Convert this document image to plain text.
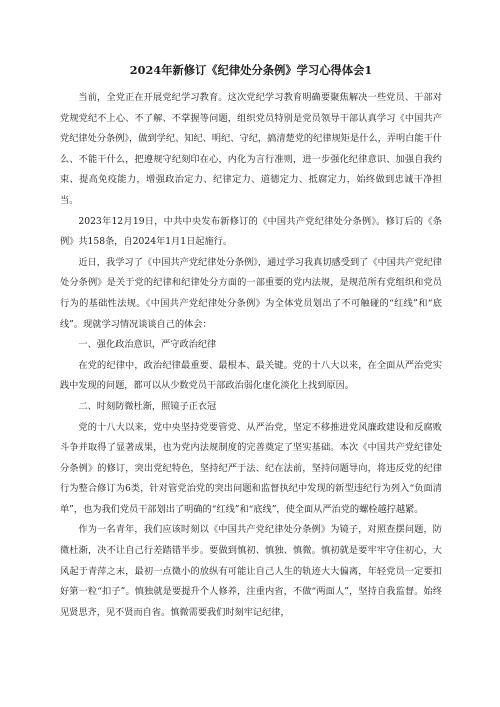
2024年新修订《纪律处分条例》学习心得体会1

当前，全党正在开展党纪学习教育。这次党纪学习教育明确要聚焦解决一些党员、干部对党规党纪不上心、不了解、不掌握等问题，组织党员特别是党员领导干部认真学习《中国共产党纪律处分条例》，做到学纪、知纪、明纪、守纪，搞清楚党的纪律规矩是什么，弄明白能干什么、不能干什么，把遵规守纪刻印在心，内化为言行准则，进一步强化纪律意识、加强自我约束、提高免疫能力，增强政治定力、纪律定力、道德定力、抵腐定力，始终做到忠诚干净担当。

2023年12月19日，中共中央发布新修订的《中国共产党纪律处分条例》。修订后的《条例》共158条，自2024年1月1日起施行。

近日，我学习了《中国共产党纪律处分条例》，通过学习我真切感受到了《中国共产党纪律处分条例》是关于党的纪律和纪律处分方面的一部重要的党内法规，是规范所有党组织和党员行为的基础性法规。《中国共产党纪律处分条例》为全体党员划出了不可触碰的“红线”和“底线”。现就学习情况谈谈自己的体会：

一、强化政治意识，严守政治纪律

在党的纪律中，政治纪律最重要、最根本、最关键。党的十八大以来，在全面从严治党实践中发现的问题，都可以从少数党员干部政治弱化虚化淡化上找到原因。

二、时刻防微杜渐，照镜子正衣冠

党的十八大以来，党中央坚持党要管党、从严治党，坚定不移推进党风廉政建设和反腐败斗争并取得了显著成果，也为党内法规制度的完善奠定了坚实基础。本次《中国共产党纪律处分条例》的修订，突出党纪特色，坚持纪严于法、纪在法前，坚持问题导向，将违反党的纪律行为整合修订为6类，针对管党治党的突出问题和监督执纪中发现的新型违纪行为列入“负面清单”，也为我们党员干部划出了明确的“红线”和“底线”，使全面从严治党的螺栓越拧越紧。

作为一名青年，我们应该时刻以《中国共产党纪律处分条例》为镜子，对照查摆问题，防微杜渐，决不让自己行差踏错半步。要做到慎初、慎独、慎微。慎初就是要牢牢守住初心，大风起于青萍之末，最初一点微小的放纵有可能让自己人生的轨迹大大偏离，年轻党员一定要扣好第一粒“扣子”。慎独就是要提升个人修养，注重内省，不做“两面人”，坚持自我监督。始终见贤思齐，见不贤而自省。慎微需要我们时刻牢记纪律，
